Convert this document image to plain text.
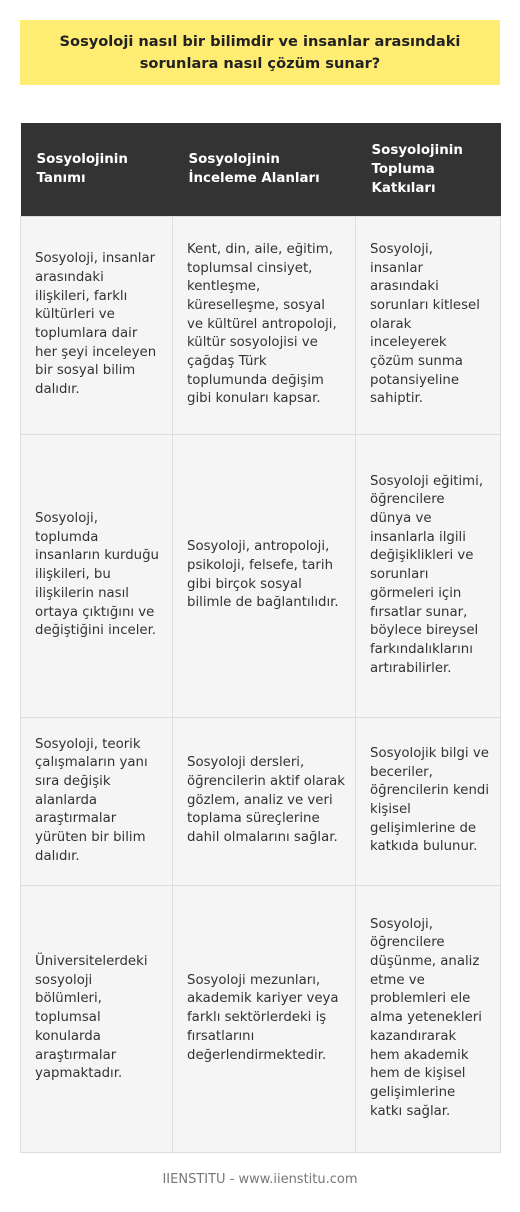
Sosyoloji nasıl bir bilimdir ve insanlar arasındaki sorunlara nasıl çözüm sunar?
Sosyolojinin Tanımı	Sosyolojinin İnceleme Alanları	Sosyolojinin Topluma Katkıları
Sosyoloji, insanlar arasındaki ilişkileri, farklı kültürleri ve toplumlara dair her şeyi inceleyen bir sosyal bilim dalıdır.	Kent, din, aile, eğitim, toplumsal cinsiyet, kentleşme, küreselleşme, sosyal ve kültürel antropoloji, kültür sosyolojisi ve çağdaş Türk toplumunda değişim gibi konuları kapsar.	Sosyoloji, insanlar arasındaki sorunları kitlesel olarak inceleyerek çözüm sunma potansiyeline sahiptir.
Sosyoloji, toplumda insanların kurduğu ilişkileri, bu ilişkilerin nasıl ortaya çıktığını ve değiştiğini inceler.	Sosyoloji, antropoloji, psikoloji, felsefe, tarih gibi birçok sosyal bilimle de bağlantılıdır.	Sosyoloji eğitimi, öğrencilere dünya ve insanlarla ilgili değişiklikleri ve sorunları görmeleri için fırsatlar sunar, böylece bireysel farkındalıklarını artırabilirler.
Sosyoloji, teorik çalışmaların yanı sıra değişik alanlarda araştırmalar yürüten bir bilim dalıdır.	Sosyoloji dersleri, öğrencilerin aktif olarak gözlem, analiz ve veri toplama süreçlerine dahil olmalarını sağlar.	Sosyolojik bilgi ve beceriler, öğrencilerin kendi kişisel gelişimlerine de katkıda bulunur.
Üniversitelerdeki sosyoloji bölümleri, toplumsal konularda araştırmalar yapmaktadır.	Sosyoloji mezunları, akademik kariyer veya farklı sektörlerdeki iş fırsatlarını değerlendirmektedir.	Sosyoloji, öğrencilere düşünme, analiz etme ve problemleri ele alma yetenekleri kazandırarak hem akademik hem de kişisel gelişimlerine katkı sağlar.
IIENSTITU - www.iienstitu.com
